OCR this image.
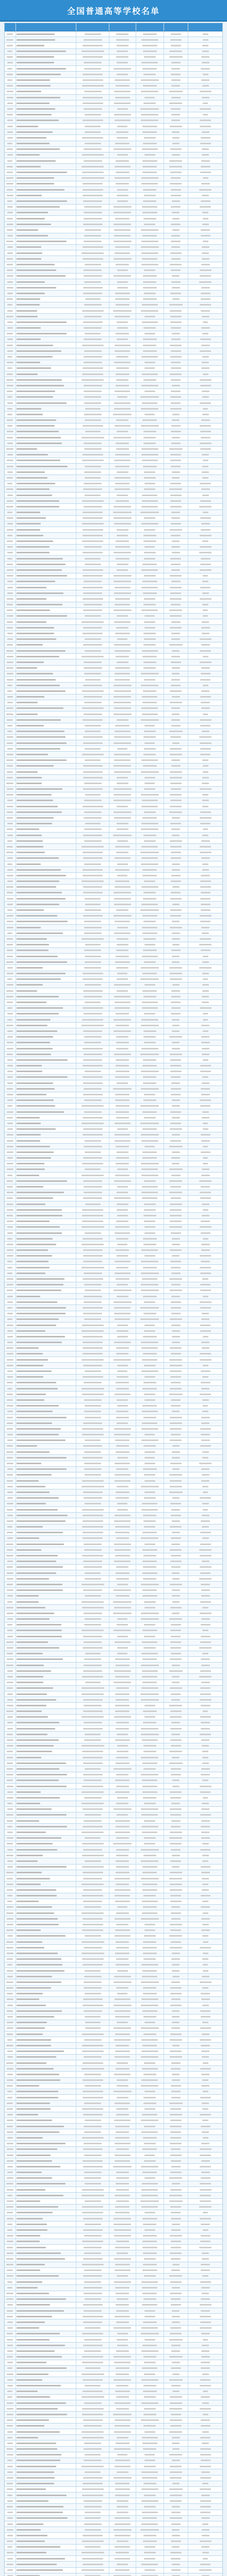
全国普通高等学校名单
